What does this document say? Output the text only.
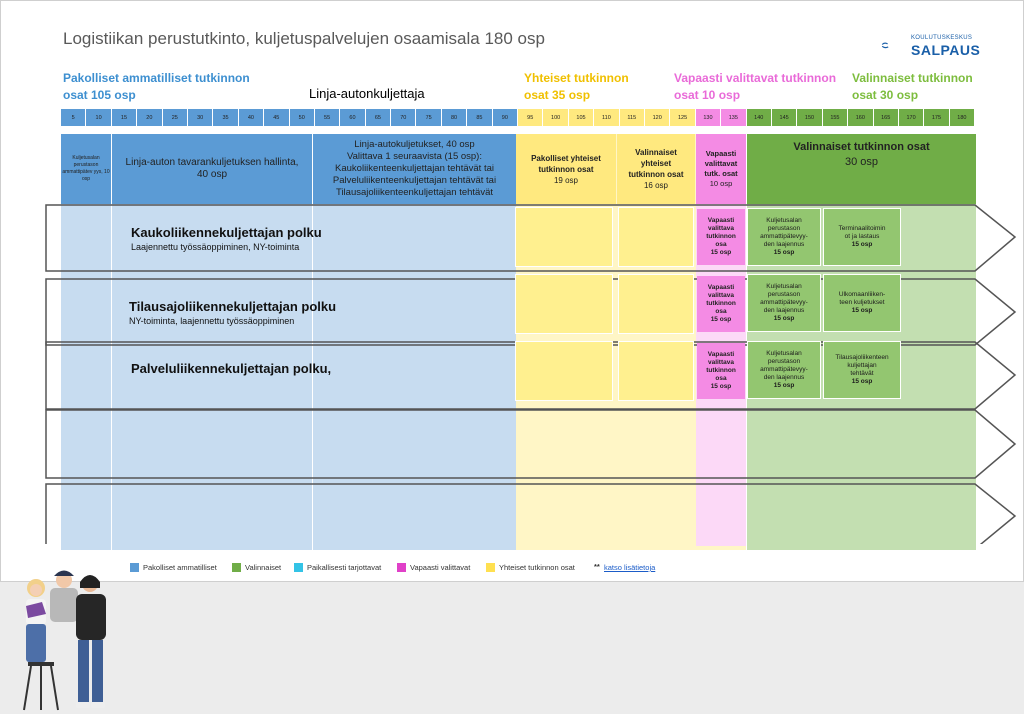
Logistiikan perustutkinto, kuljetuspalvelujen osaamisala 180 osp	KOULUTUSKESKUS
SALPAUS
Pakolliset ammatilliset tutkinnon
osat 105 osp
Yhteiset tutkinnon
osat 35 osp
Vapaasti valittavat tutkinnon
osat 10 osp
Valinnaiset tutkinnon
osat 30 osp
Linja-autonkuljettaja
5	10	15	20	25	30	35	40	45	50	55	60	65	70	75	80	85	90	95	100	105	110	115	120	125	130	135	140	145	150	155	160	165	170	175	180
Kuljetusalan perustason ammattipätev yys, 10 osp
Linja-auton tavarankuljetuksen hallinta,
40 osp
Linja-autokuljetukset, 40 osp
Valittava 1 seuraavista (15 osp):
Kaukoliikenteenkuljettajan tehtävät tai
Palveluliikenteenkuljettajan tehtävät tai
Tilausajoliikenteenkuljettajan tehtävät
Pakolliset yhteiset
tutkinnon osat
19 osp
Valinnaiset
yhteiset
tutkinnon osat
16 osp
Vapaasti
valittavat
tutk. osat
10 osp
Valinnaiset tutkinnon osat
30 osp
Kaukoliikennekuljettajan polku
Laajennettu työssäoppiminen, NY-toiminta
Vapaasti
valittava
tutkinnon
osa
15 osp
Kuljetusalan
perustason
ammattipätevyy-
den laajennus
15 osp
Terminaalitoimin
ot ja lastaus
15 osp
Tilausajoliikennekuljettajan polku
NY-toiminta, laajennettu työssäoppiminen
Vapaasti
valittava
tutkinnon
osa
15 osp
Kuljetusalan
perustason
ammattipätevyy-
den laajennus
15 osp
Ulkomaanliiken-
teen kuljetukset
15 osp
Palveluliikennekuljettajan polku,
Vapaasti
valittava
tutkinnon
osa
15 osp
Kuljetusalan
perustason
ammattipätevyy-
den laajennus
15 osp
Tilausajoliikenteen
kuljettajan
tehtävät
15 osp
Pakolliset ammatilliset	Valinnaiset	Paikallisesti tarjottavat	Vapaasti valittavat	Yhteiset tutkinnon osat	** katso lisätietoja
